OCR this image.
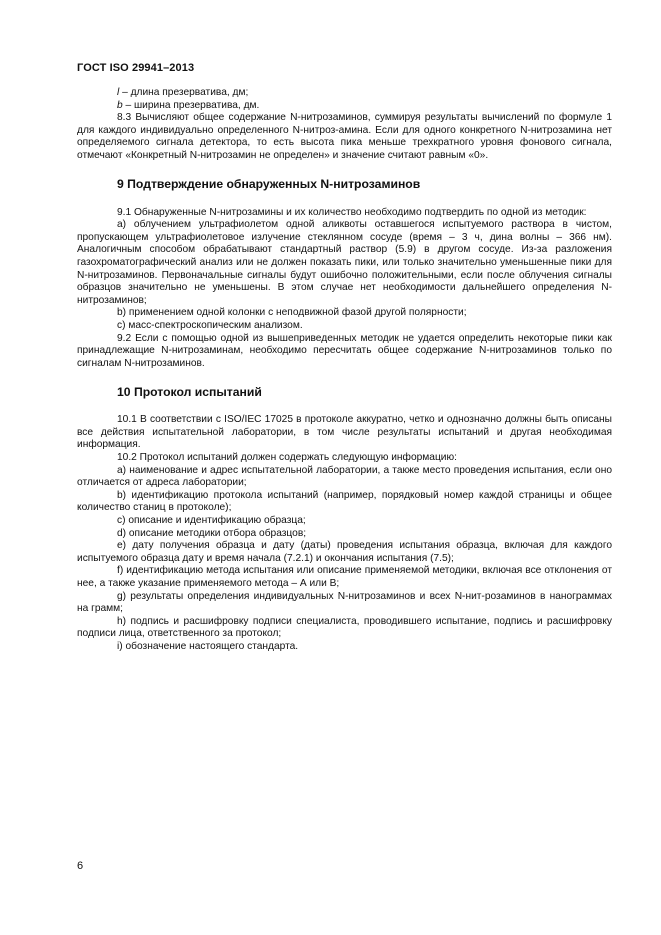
ГОСТ ISO 29941–2013

l – длина презерватива, дм;

b – ширина презерватива, дм.

8.3 Вычисляют общее содержание N-нитрозаминов, суммируя результаты вычислений по формуле 1 для каждого индивидуально определенного N-нитроз-амина. Если для одного конкретного N-нитрозамина нет определяемого сигнала детектора, то есть высота пика меньше трехкратного уровня фонового сигнала, отмечают «Конкретный N-нитрозамин не определен» и значение считают равным «0».

9 Подтверждение обнаруженных N-нитрозаминов

9.1 Обнаруженные N-нитрозамины и их количество необходимо подтвердить по одной из методик:

а) облучением ультрафиолетом одной аликвоты оставшегося испытуемого раствора в чистом, пропускающем ультрафиолетовое излучение стеклянном сосуде (время – 3 ч, дина волны – 366 нм). Аналогичным способом обрабатывают стандартный раствор (5.9) в другом сосуде. Из-за разложения газохроматографический анализ или не должен показать пики, или только значительно уменьшенные пики для N-нитрозаминов. Первоначальные сигналы будут ошибочно положительными, если после облучения сигналы образцов значительно не уменьшены. В этом случае нет необходимости дальнейшего определения N-нитрозаминов;

b) применением одной колонки с неподвижной фазой другой полярности;

c) масс-спектроскопическим анализом.

9.2 Если с помощью одной из вышеприведенных методик не удается определить некоторые пики как принадлежащие N-нитрозаминам, необходимо пересчитать общее содержание N-нитрозаминов только по сигналам N-нитрозаминов.

10 Протокол испытаний

10.1 В соответствии с ISO/IEC 17025 в протоколе аккуратно, четко и однозначно должны быть описаны все действия испытательной лаборатории, в том числе результаты испытаний и другая необходимая информация.

10.2 Протокол испытаний должен содержать следующую информацию:

а) наименование и адрес испытательной лаборатории, а также место проведения испытания, если оно отличается от адреса лаборатории;

b) идентификацию протокола испытаний (например, порядковый номер каждой страницы и общее количество станиц в протоколе);

c) описание и идентификацию образца;

d) описание методики отбора образцов;

e) дату получения образца и дату (даты) проведения испытания образца, включая для каждого испытуемого образца дату и время начала (7.2.1) и окончания испытания (7.5);

f) идентификацию метода испытания или описание применяемой методики, включая все отклонения от нее, а также указание применяемого метода – А или В;

g) результаты определения индивидуальных N-нитрозаминов и всех N-нит-розаминов в нанограммах на грамм;

h) подпись и расшифровку подписи специалиста, проводившего испытание, подпись и расшифровку подписи лица, ответственного за протокол;

i) обозначение настоящего стандарта.

6
